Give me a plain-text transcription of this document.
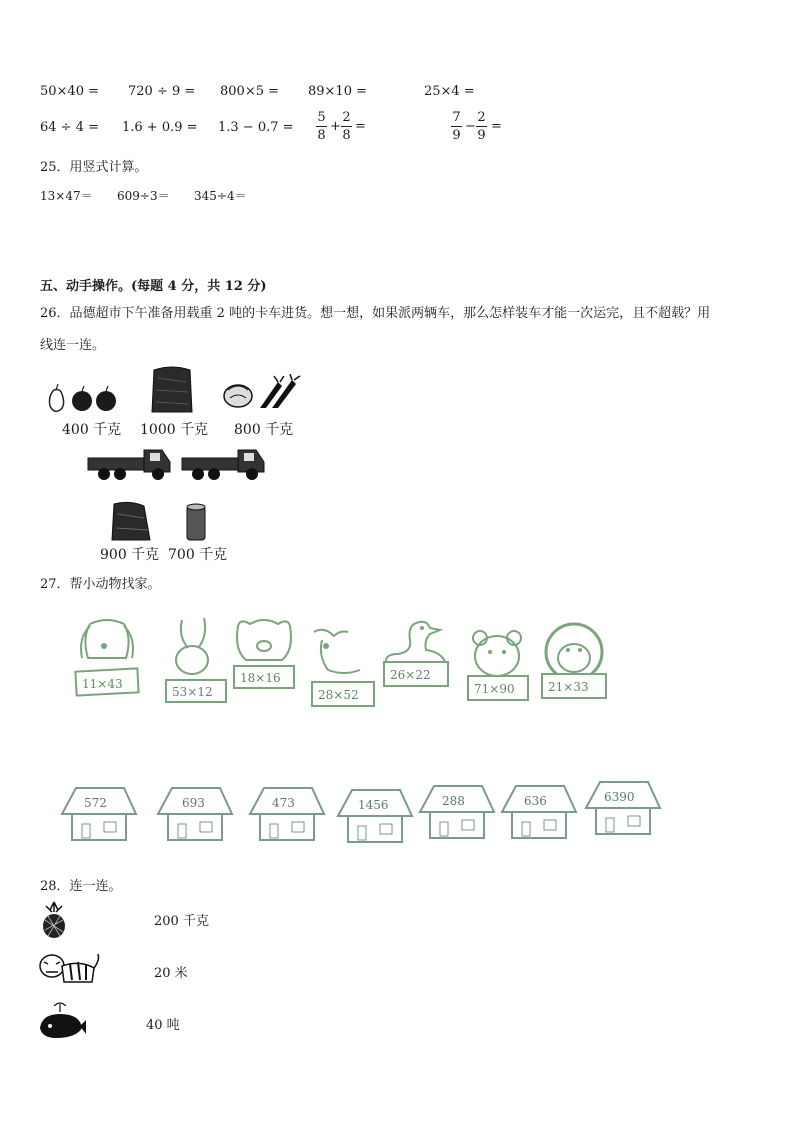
50×40 = 720 ÷ 9 = 800×5 = 89×10 =	25×4 =
64 ÷ 4 = 1.6 + 0.9 = 1.3 − 0.7 =
5
8
+
2
8
=
7
9
−
2
9
=
25．用竖式计算。
13×47＝ 609÷3＝ 345÷4＝
五、动手操作。(每题 4 分，共 12 分)
26．品德超市下午准备用载重 2 吨的卡车进货。想一想，如果派两辆车，那么怎样装车才能一次运完，且不超载？用
线连一连。
400 千克 1000 千克 800 千克
900 千克 700 千克
27．帮小动物找家。
11×43
53×12
18×16
28×52
26×22
71×90	21×33
572	693	473	1456	288	636	6390
28．连一连。
200 千克
20 米
40 吨
